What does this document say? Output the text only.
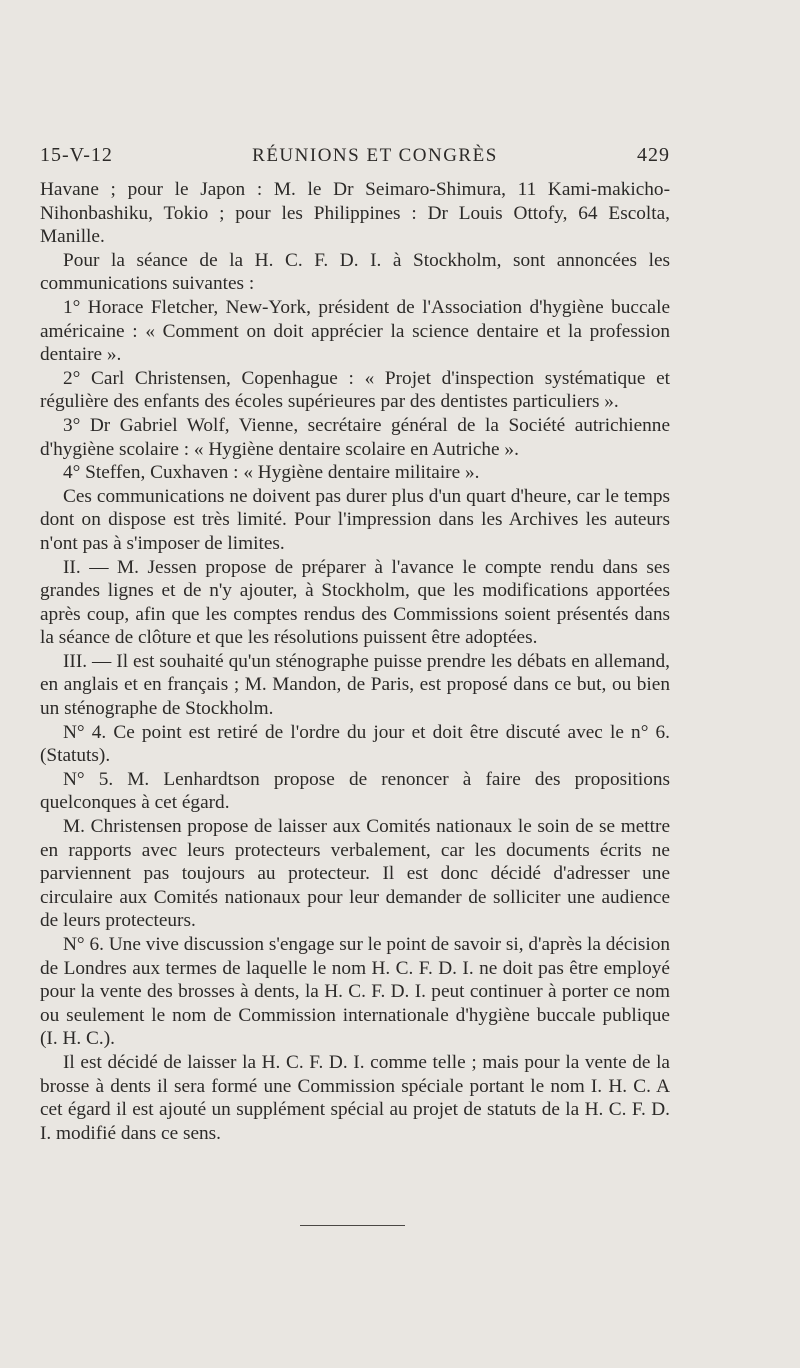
15-V-12	RÉUNIONS ET CONGRÈS	429

Havane ; pour le Japon : M. le Dr Seimaro-Shimura, 11 Kami-makicho-Nihonbashiku, Tokio ; pour les Philippines : Dr Louis Ottofy, 64 Escolta, Manille.

Pour la séance de la H. C. F. D. I. à Stockholm, sont annoncées les communications suivantes :

1° Horace Fletcher, New-York, président de l'Association d'hygiène buccale américaine : « Comment on doit apprécier la science dentaire et la profession dentaire ».

2° Carl Christensen, Copenhague : « Projet d'inspection systématique et régulière des enfants des écoles supérieures par des dentistes particuliers ».

3° Dr Gabriel Wolf, Vienne, secrétaire général de la Société autrichienne d'hygiène scolaire : « Hygiène dentaire scolaire en Autriche ».

4° Steffen, Cuxhaven : « Hygiène dentaire militaire ».

Ces communications ne doivent pas durer plus d'un quart d'heure, car le temps dont on dispose est très limité. Pour l'impression dans les Archives les auteurs n'ont pas à s'imposer de limites.

II. — M. Jessen propose de préparer à l'avance le compte rendu dans ses grandes lignes et de n'y ajouter, à Stockholm, que les modifications apportées après coup, afin que les comptes rendus des Commissions soient présentés dans la séance de clôture et que les résolutions puissent être adoptées.

III. — Il est souhaité qu'un sténographe puisse prendre les débats en allemand, en anglais et en français ; M. Mandon, de Paris, est proposé dans ce but, ou bien un sténographe de Stockholm.

N° 4. Ce point est retiré de l'ordre du jour et doit être discuté avec le n° 6. (Statuts).

N° 5. M. Lenhardtson propose de renoncer à faire des propositions quelconques à cet égard.

M. Christensen propose de laisser aux Comités nationaux le soin de se mettre en rapports avec leurs protecteurs verbalement, car les documents écrits ne parviennent pas toujours au protecteur. Il est donc décidé d'adresser une circulaire aux Comités nationaux pour leur demander de solliciter une audience de leurs protecteurs.

N° 6. Une vive discussion s'engage sur le point de savoir si, d'après la décision de Londres aux termes de laquelle le nom H. C. F. D. I. ne doit pas être employé pour la vente des brosses à dents, la H. C. F. D. I. peut continuer à porter ce nom ou seulement le nom de Commission internationale d'hygiène buccale publique (I. H. C.).

Il est décidé de laisser la H. C. F. D. I. comme telle ; mais pour la vente de la brosse à dents il sera formé une Commission spéciale portant le nom I. H. C. A cet égard il est ajouté un supplément spécial au projet de statuts de la H. C. F. D. I. modifié dans ce sens.
